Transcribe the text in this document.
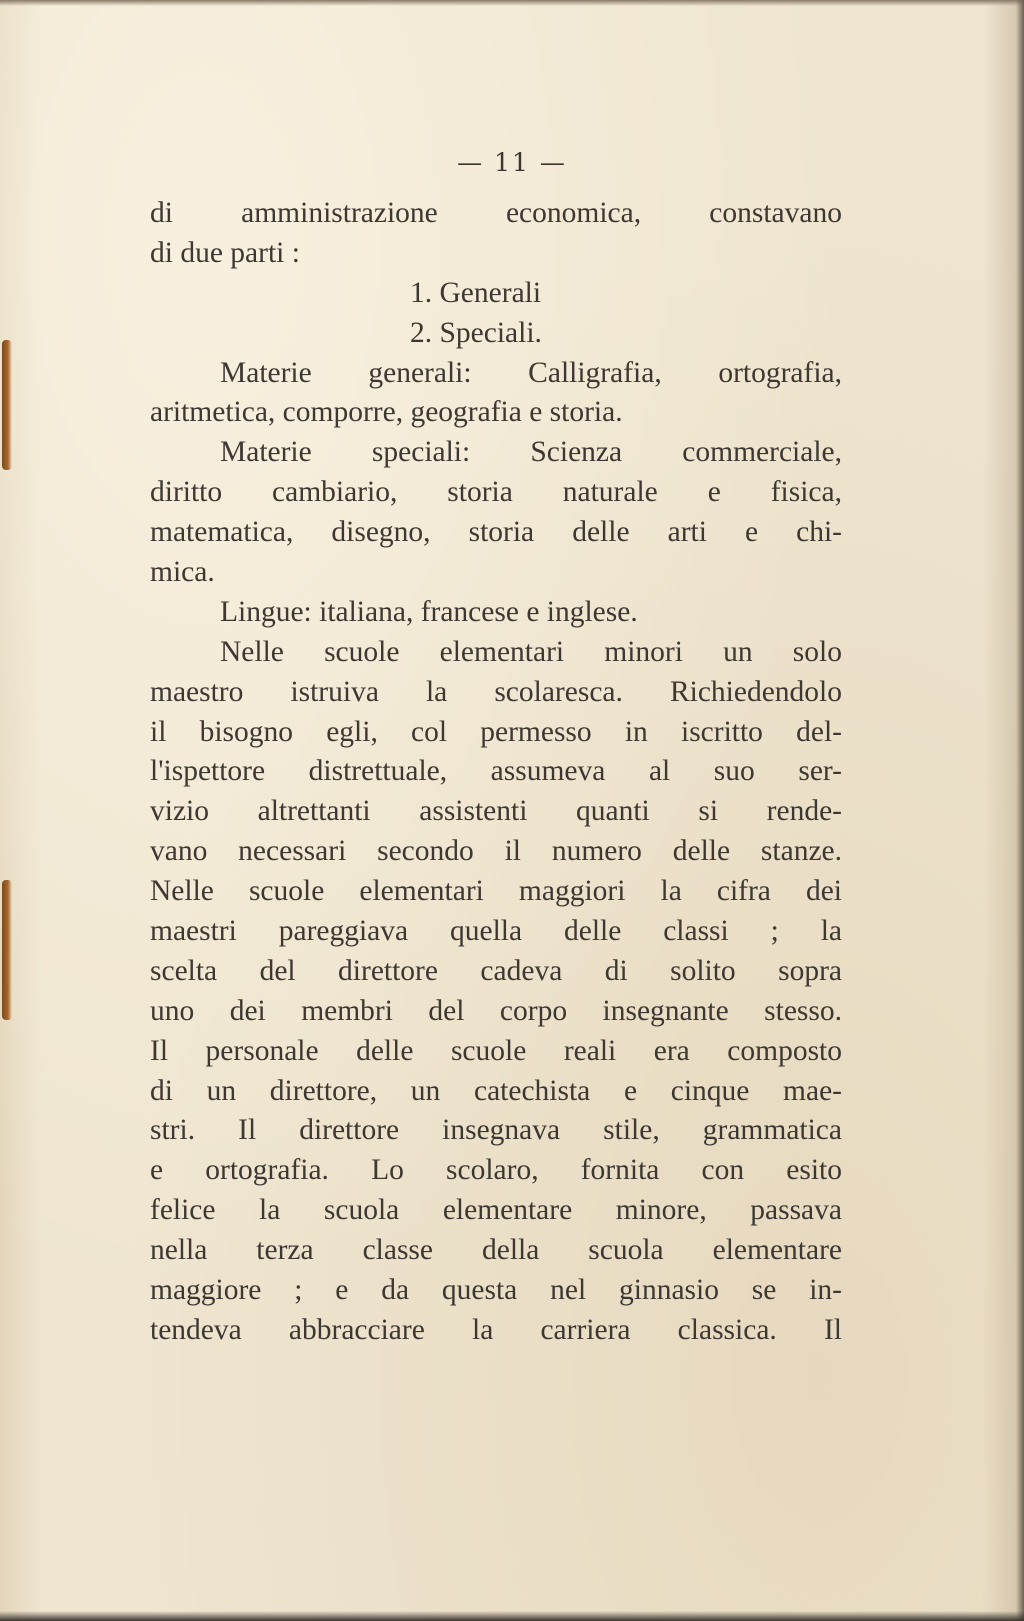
— 11 —
di amministrazione economica, constavano
di due parti :
1. Generali
2. Speciali.
Materie generali: Calligrafia, ortografia,
aritmetica, comporre, geografia e storia.
Materie speciali: Scienza commerciale,
diritto cambiario, storia naturale e fisica,
matematica, disegno, storia delle arti e chi-
mica.
Lingue: italiana, francese e inglese.
Nelle scuole elementari minori un solo
maestro istruiva la scolaresca. Richiedendolo
il bisogno egli, col permesso in iscritto del-
l'ispettore distrettuale, assumeva al suo ser-
vizio altrettanti assistenti quanti si rende-
vano necessari secondo il numero delle stanze.
Nelle scuole elementari maggiori la cifra dei
maestri pareggiava quella delle classi ; la
scelta del direttore cadeva di solito sopra
uno dei membri del corpo insegnante stesso.
Il personale delle scuole reali era composto
di un direttore, un catechista e cinque mae-
stri. Il direttore insegnava stile, grammatica
e ortografia. Lo scolaro, fornita con esito
felice la scuola elementare minore, passava
nella terza classe della scuola elementare
maggiore ; e da questa nel ginnasio se in-
tendeva abbracciare la carriera classica. Il
